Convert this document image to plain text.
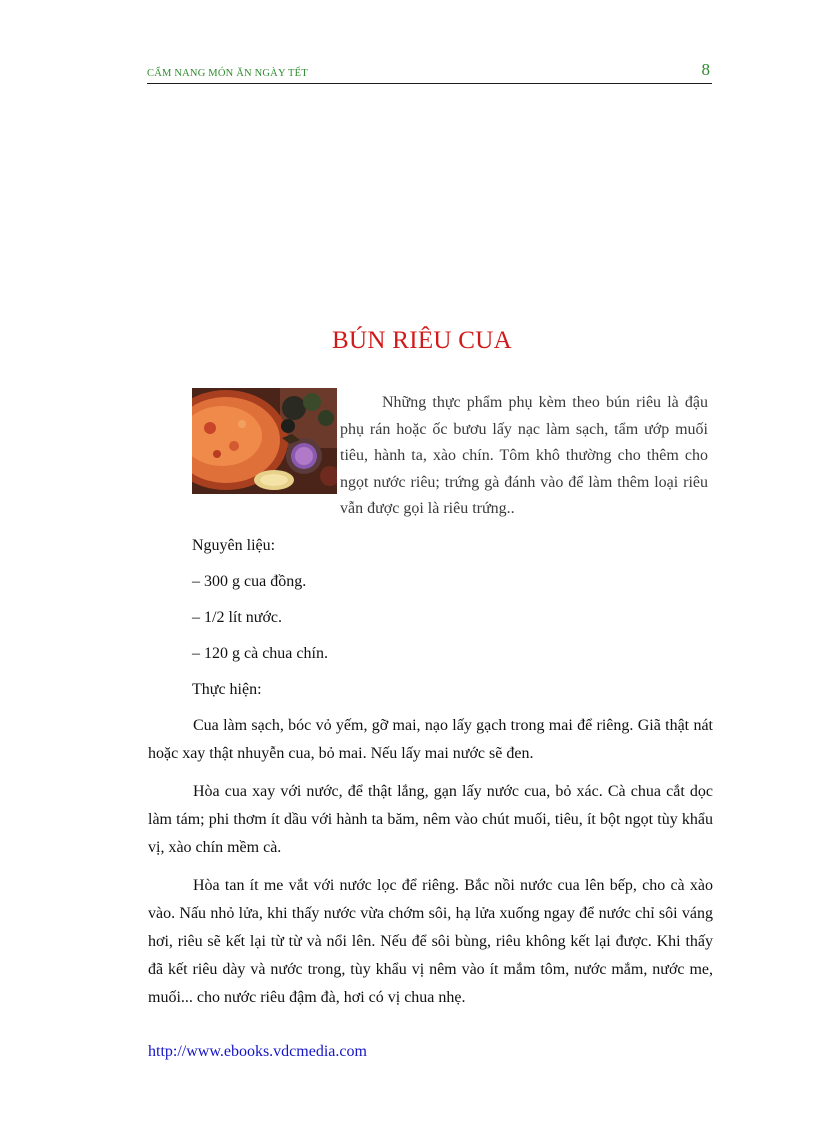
CẨM NANG MÓN ĂN NGÀY TẾT	8
BÚN RIÊU CUA

Những thực phẩm phụ kèm theo bún riêu là đậu phụ rán hoặc ốc bươu lấy nạc làm sạch, tẩm ướp muối tiêu, hành ta, xào chín. Tôm khô thường cho thêm cho ngọt nước riêu; trứng gà đánh vào để làm thêm loại riêu vẫn được gọi là riêu trứng..

Nguyên liệu:

– 300 g cua đồng.

– 1/2 lít nước.

– 120 g cà chua chín.

Thực hiện:

Cua làm sạch, bóc vỏ yếm, gỡ mai, nạo lấy gạch trong mai để riêng. Giã thật nát hoặc xay thật nhuyễn cua, bỏ mai. Nếu lấy mai nước sẽ đen.

Hòa cua xay với nước, để thật lắng, gạn lấy nước cua, bỏ xác. Cà chua cắt dọc làm tám; phi thơm ít dầu với hành ta băm, nêm vào chút muối, tiêu, ít bột ngọt tùy khẩu vị, xào chín mềm cà.

Hòa tan ít me vắt với nước lọc để riêng. Bắc nồi nước cua lên bếp, cho cà xào vào. Nấu nhỏ lửa, khi thấy nước vừa chớm sôi, hạ lửa xuống ngay để nước chỉ sôi váng hơi, riêu sẽ kết lại từ từ và nổi lên. Nếu để sôi bùng, riêu không kết lại được. Khi thấy đã kết riêu dày và nước trong, tùy khẩu vị nêm vào ít mắm tôm, nước mắm, nước me, muối... cho nước riêu đậm đà, hơi có vị chua nhẹ.

http://www.ebooks.vdcmedia.com
